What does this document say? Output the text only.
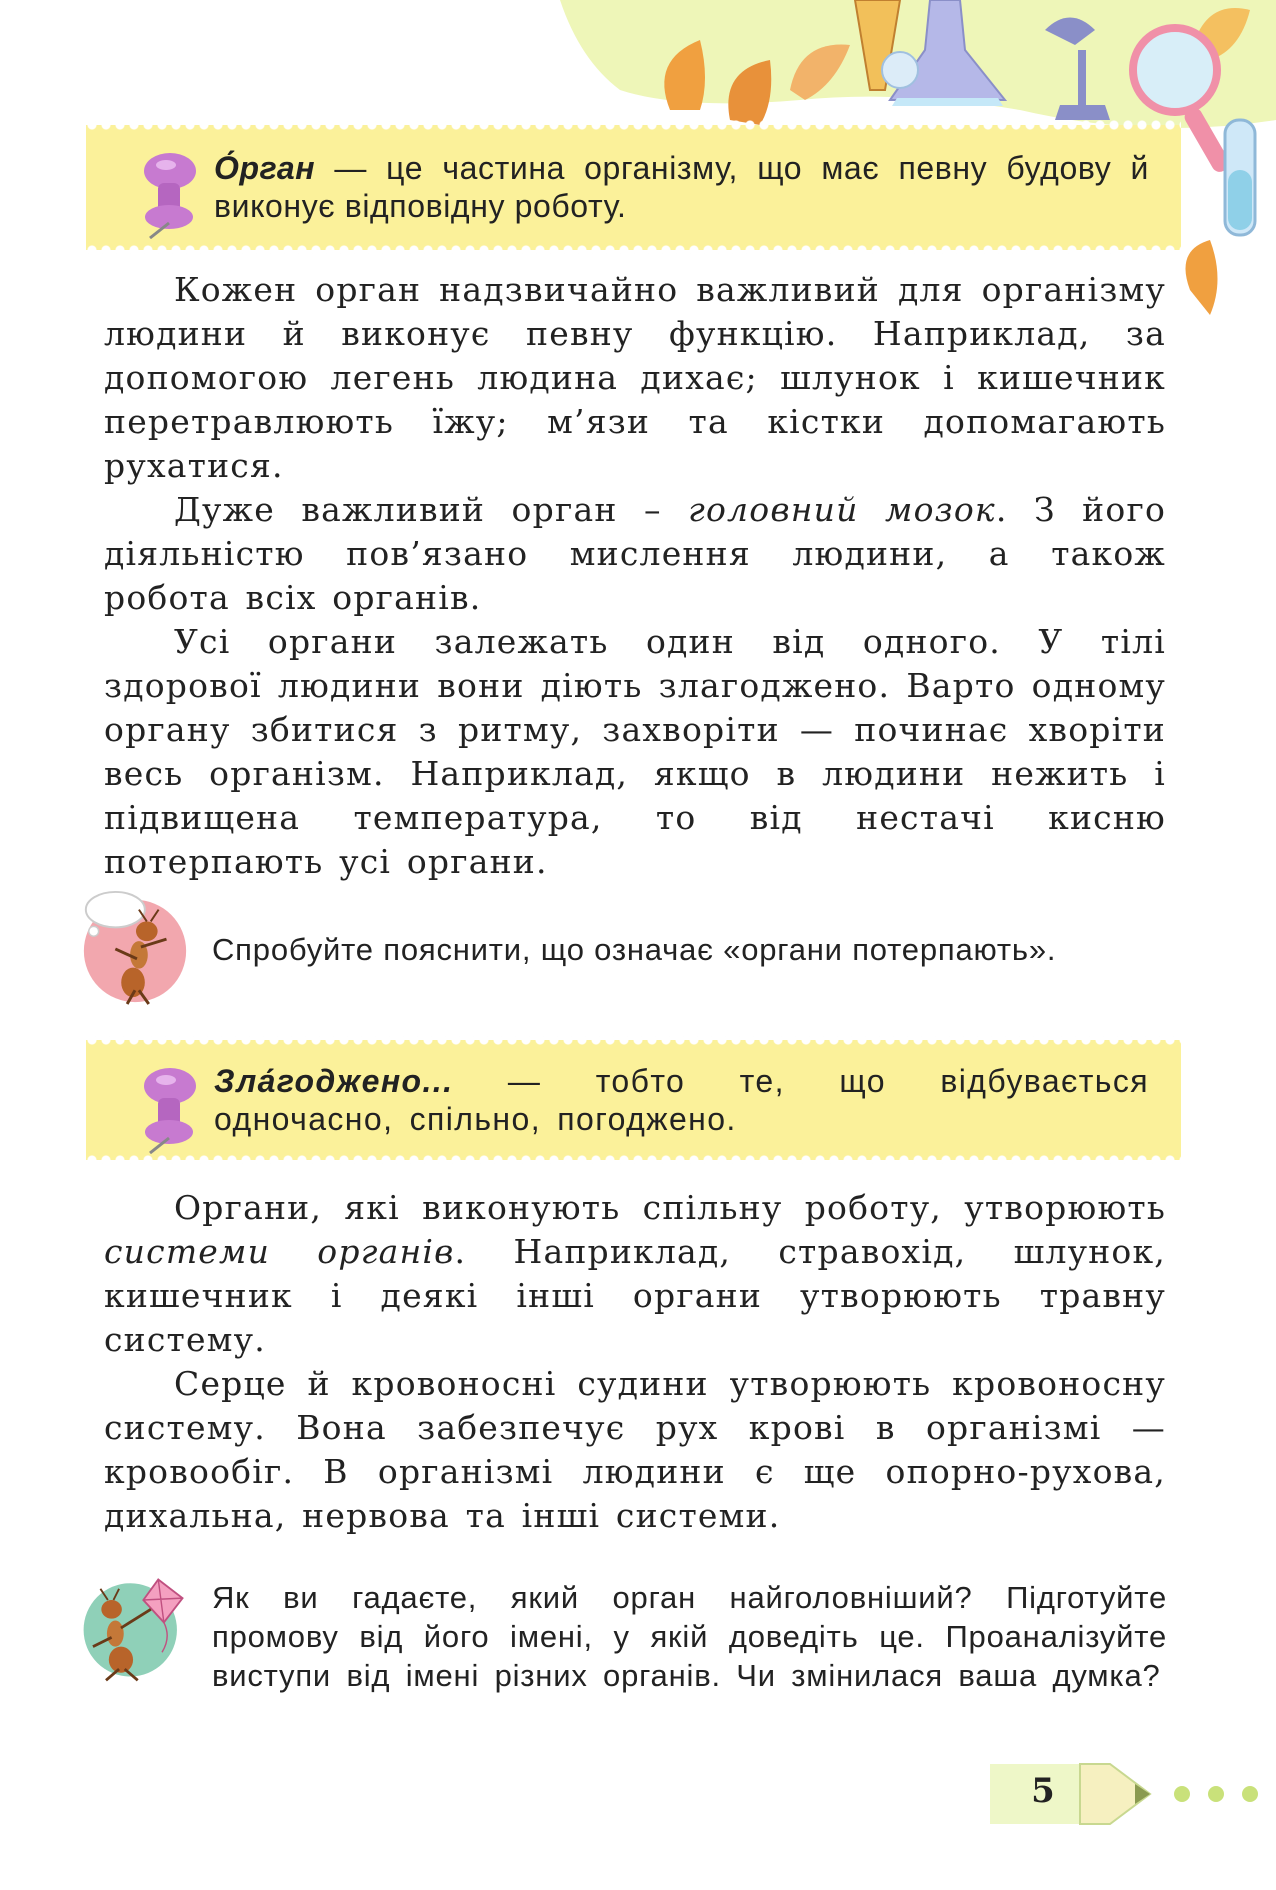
О́рган — це частина організму, що має певну будову й виконує відповідну роботу.

Кожен орган надзвичайно важливий для організму людини й виконує певну функцію. Наприклад, за допомогою легень людина дихає; шлунок і кишечник перетравлюють їжу; м’язи та кістки допомагають рухатися.

Дуже важливий орган – головний мозок. З його діяльністю пов’язано мислення людини, а також робота всіх органів.

Усі органи залежать один від одного. У тілі здорової людини вони діють злагоджено. Варто одному органу збитися з ритму, захворіти — починає хворіти весь організм. Наприклад, якщо в людини нежить і підвищена температура, то від нестачі кисню потерпають усі органи.

Спробуйте пояснити, що означає «органи потерпають».
Зла́годжено... — тобто те, що відбувається одночасно, спільно, погоджено.

Органи, які виконують спільну роботу, утворюють системи органів. Наприклад, стравохід, шлунок, кишечник і деякі інші органи утворюють травну систему.

Серце й кровоносні судини утворюють кровоносну систему. Вона забезпечує рух крові в організмі — кровообіг. В організмі людини є ще опорно-рухова, дихальна, нервова та інші системи.

Як ви гадаєте, який орган найголовніший? Підготуйте промову від його імені, у якій доведіть це. Проаналізуйте виступи від імені різних органів. Чи змінилася ваша думка?
5
